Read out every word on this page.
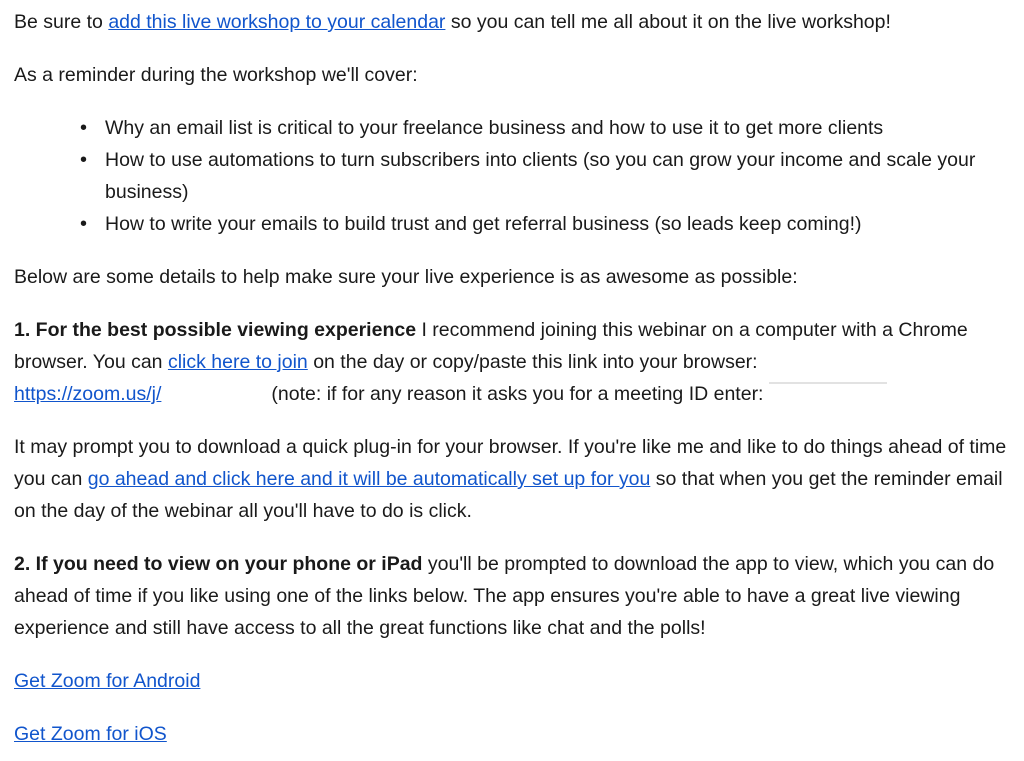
Be sure to add this live workshop to your calendar so you can tell me all about it on the live workshop!

As a reminder during the workshop we'll cover:

• Why an email list is critical to your freelance business and how to use it to get more clients
• How to use automations to turn subscribers into clients (so you can grow your income and scale your business)
• How to write your emails to build trust and get referral business (so leads keep coming!)

Below are some details to help make sure your live experience is as awesome as possible:

1. For the best possible viewing experience I recommend joining this webinar on a computer with a Chrome browser. You can click here to join on the day or copy/paste this link into your browser:
https://zoom.us/j/	(note: if for any reason it asks you for a meeting ID enter:

It may prompt you to download a quick plug-in for your browser. If you're like me and like to do things ahead of time you can go ahead and click here and it will be automatically set up for you so that when you get the reminder email on the day of the webinar all you'll have to do is click.

2. If you need to view on your phone or iPad you'll be prompted to download the app to view, which you can do ahead of time if you like using one of the links below. The app ensures you're able to have a great live viewing experience and still have access to all the great functions like chat and the polls!

Get Zoom for Android

Get Zoom for iOS
